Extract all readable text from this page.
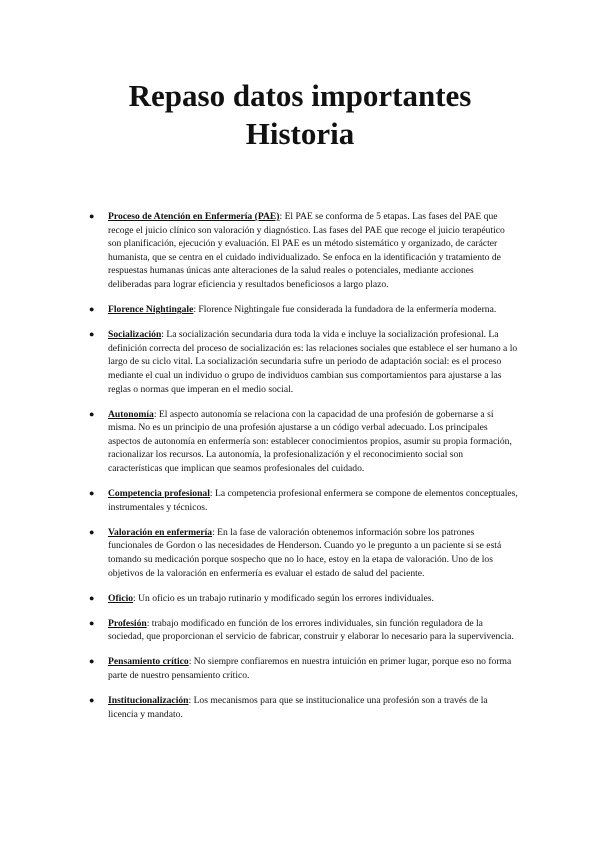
Repaso datos importantes
Historia
● Proceso de Atención en Enfermería (PAE): El PAE se conforma de 5 etapas. Las fases del PAE que recoge el juicio clínico son valoración y diagnóstico. Las fases del PAE que recoge el juicio terapéutico son planificación, ejecución y evaluación. El PAE es un método sistemático y organizado, de carácter humanista, que se centra en el cuidado individualizado. Se enfoca en la identificación y tratamiento de respuestas humanas únicas ante alteraciones de la salud reales o potenciales, mediante acciones deliberadas para lograr eficiencia y resultados beneficiosos a largo plazo.
● Florence Nightingale: Florence Nightingale fue considerada la fundadora de la enfermería moderna.
● Socialización: La socialización secundaria dura toda la vida e incluye la socialización profesional. La definición correcta del proceso de socialización es: las relaciones sociales que establece el ser humano a lo largo de su ciclo vital. La socialización secundaria sufre un periodo de adaptación social: es el proceso mediante el cual un individuo o grupo de individuos cambian sus comportamientos para ajustarse a las reglas o normas que imperan en el medio social.
● Autonomía: El aspecto autonomía se relaciona con la capacidad de una profesión de gobernarse a sí misma. No es un principio de una profesión ajustarse a un código verbal adecuado. Los principales aspectos de autonomía en enfermería son: establecer conocimientos propios, asumir su propia formación, racionalizar los recursos. La autonomía, la profesionalización y el reconocimiento social son características que implican que seamos profesionales del cuidado.
● Competencia profesional: La competencia profesional enfermera se compone de elementos conceptuales, instrumentales y técnicos.
● Valoración en enfermería: En la fase de valoración obtenemos información sobre los patrones funcionales de Gordon o las necesidades de Henderson. Cuando yo le pregunto a un paciente si se está tomando su medicación porque sospecho que no lo hace, estoy en la etapa de valoración. Uno de los objetivos de la valoración en enfermería es evaluar el estado de salud del paciente.
● Oficio: Un oficio es un trabajo rutinario y modificado según los errores individuales.
● Profesión: trabajo modificado en función de los errores individuales, sin función reguladora de la sociedad, que proporcionan el servicio de fabricar, construir y elaborar lo necesario para la supervivencia.
● Pensamiento crítico: No siempre confiaremos en nuestra intuición en primer lugar, porque eso no forma parte de nuestro pensamiento crítico.
● Institucionalización: Los mecanismos para que se institucionalice una profesión son a través de la licencia y mandato.
